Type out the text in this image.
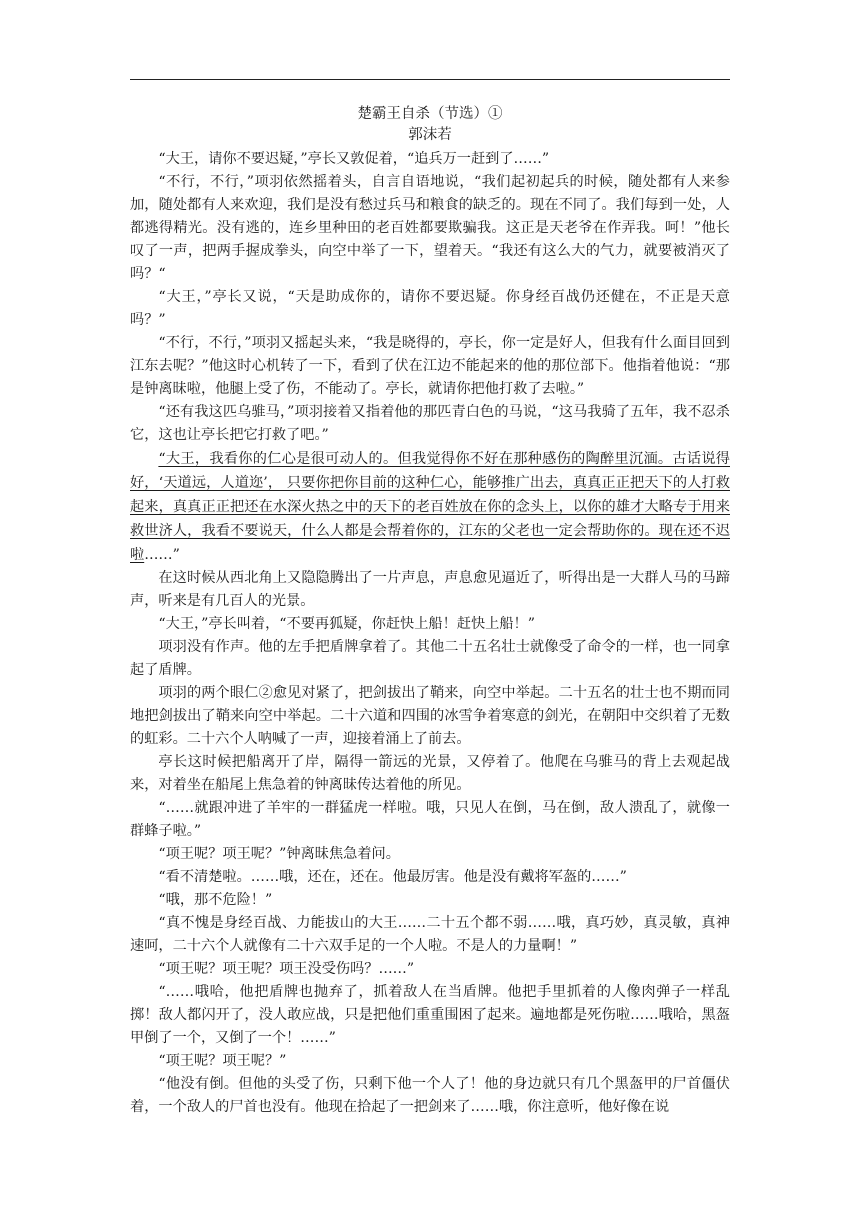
楚霸王自杀（节选）①
郭沫若

“大王，请你不要迟疑，”亭长又敦促着，“追兵万一赶到了……”

“不行，不行，”项羽依然摇着头，自言自语地说，“我们起初起兵的时候，随处都有人来参加，随处都有人来欢迎，我们是没有愁过兵马和粮食的缺乏的。现在不同了。我们每到一处，人都逃得精光。没有逃的，连乡里种田的老百姓都要欺骗我。这正是天老爷在作弄我。呵！”他长叹了一声，把两手握成拳头，向空中举了一下，望着天。“我还有这么大的气力，就要被消灭了吗？“

“大王，”亭长又说，“天是助成你的，请你不要迟疑。你身经百战仍还健在，不正是天意吗？”

“不行，不行，”项羽又摇起头来，“我是晓得的，亭长，你一定是好人，但我有什么面目回到江东去呢？”他这时心机转了一下，看到了伏在江边不能起来的他的那位部下。他指着他说：“那是钟离昧啦，他腿上受了伤，不能动了。亭长，就请你把他打救了去啦。”

“还有我这匹乌骓马，”项羽接着又指着他的那匹青白色的马说，“这马我骑了五年，我不忍杀它，这也让亭长把它打救了吧。”

“大王，我看你的仁心是很可动人的。但我觉得你不好在那种感伤的陶醉里沉湎。古话说得好，‘天道远，人道迩’， 只要你把你目前的这种仁心，能够推广出去，真真正正把天下的人打救起来，真真正正把还在水深火热之中的天下的老百姓放在你的念头上，以你的雄才大略专于用来救世济人，我看不要说天，什么人都是会帮着你的，江东的父老也一定会帮助你的。现在还不迟啦……”

在这时候从西北角上又隐隐腾出了一片声息，声息愈见逼近了，听得出是一大群人马的马蹄声，听来是有几百人的光景。

“大王，”亭长叫着，“不要再狐疑，你赶快上船！赶快上船！”

项羽没有作声。他的左手把盾牌拿着了。其他二十五名壮士就像受了命令的一样，也一同拿起了盾牌。

项羽的两个眼仁②愈见对紧了，把剑拔出了鞘来，向空中举起。二十五名的壮士也不期而同地把剑拔出了鞘来向空中举起。二十六道和四围的冰雪争着寒意的剑光，在朝阳中交织着了无数的虹彩。二十六个人呐喊了一声，迎接着涌上了前去。

亭长这时候把船离开了岸，隔得一箭远的光景，又停着了。他爬在乌骓马的背上去观起战来，对着坐在船尾上焦急着的钟离昧传达着他的所见。

“……就跟冲进了羊牢的一群猛虎一样啦。哦，只见人在倒，马在倒，敌人溃乱了，就像一群蜂子啦。”

“项王呢？项王呢？”钟离昧焦急着问。

“看不清楚啦。……哦，还在，还在。他最厉害。他是没有戴将军盔的……”

“哦，那不危险！”

“真不愧是身经百战、力能拔山的大王……二十五个都不弱……哦，真巧妙，真灵敏，真神速呵，二十六个人就像有二十六双手足的一个人啦。不是人的力量啊！”

“项王呢？项王呢？项王没受伤吗？……”

“……哦哈，他把盾牌也抛弃了，抓着敌人在当盾牌。他把手里抓着的人像肉弹子一样乱掷！敌人都闪开了，没人敢应战，只是把他们重重围困了起来。遍地都是死伤啦……哦哈，黑盔甲倒了一个，又倒了一个！……”

“项王呢？项王呢？”

“他没有倒。但他的头受了伤，只剩下他一个人了！他的身边就只有几个黑盔甲的尸首僵伏着，一个敌人的尸首也没有。他现在拾起了一把剑来了……哦，你注意听，他好像在说
